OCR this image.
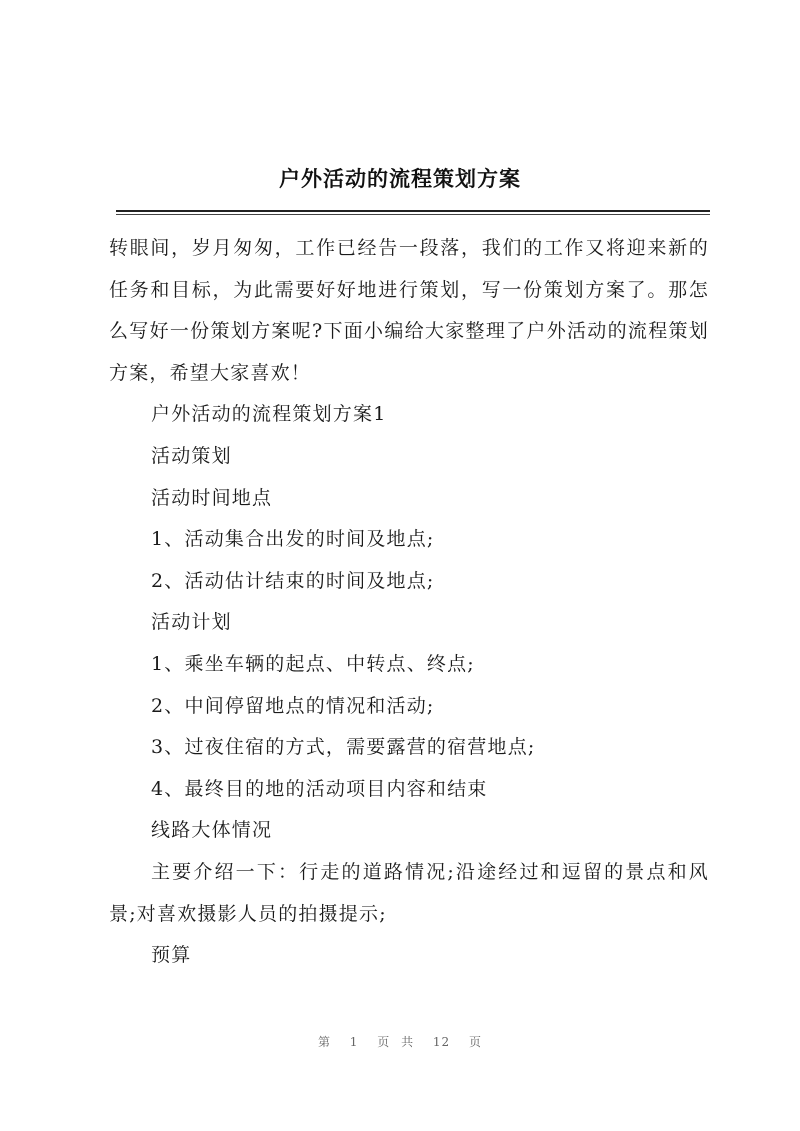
户外活动的流程策划方案

转眼间，岁月匆匆，工作已经告一段落，我们的工作又将迎来新的任务和目标，为此需要好好地进行策划，写一份策划方案了。那怎么写好一份策划方案呢?下面小编给大家整理了户外活动的流程策划方案，希望大家喜欢！

户外活动的流程策划方案1

活动策划

活动时间地点

1、活动集合出发的时间及地点;

2、活动估计结束的时间及地点;

活动计划

1、乘坐车辆的起点、中转点、终点;

2、中间停留地点的情况和活动;

3、过夜住宿的方式，需要露营的宿营地点;

4、最终目的地的活动项目内容和结束

线路大体情况

主要介绍一下：行走的道路情况;沿途经过和逗留的景点和风景;对喜欢摄影人员的拍摄提示;

预算

第 1 页 共 12 页
